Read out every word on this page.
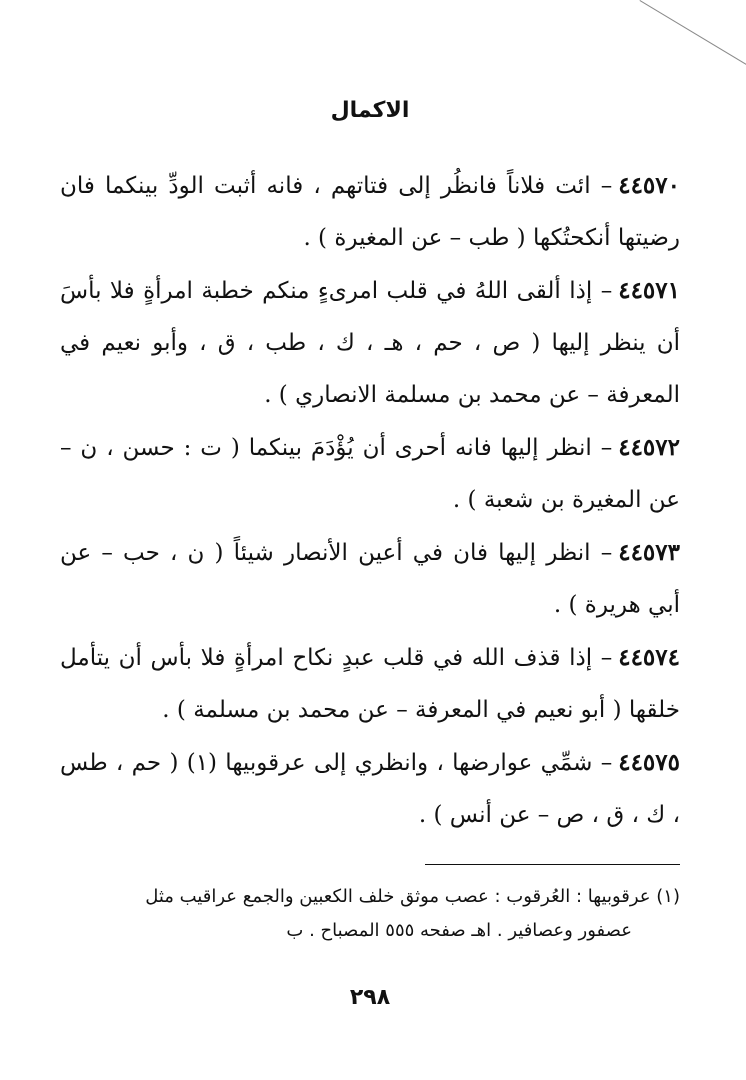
الاكمال

٤٤٥٧٠– ائت فلاناً فانظُر إلى فتاتهم ، فانه أثبت الودِّ بينكما فان رضيتها أنكحتُكها ( طب – عن المغيرة ) .

٤٤٥٧١– إذا ألقى اللهُ في قلب امرىءٍ منكم خطبة امرأةٍ فلا بأسَ أن ينظر إليها ( ص ، حم ، هـ ، ك ، طب ، ق ، وأبو نعيم في المعرفة – عن محمد بن مسلمة الانصاري ) .

٤٤٥٧٢– انظر إليها فانه أحرى أن يُؤْدَمَ بينكما ( ت : حسن ، ن – عن المغيرة بن شعبة ) .

٤٤٥٧٣– انظر إليها فان في أعين الأنصار شيئاً ( ن ، حب – عن أبي هريرة ) .

٤٤٥٧٤– إذا قذف الله في قلب عبدٍ نكاح امرأةٍ فلا بأس أن يتأمل خلقها ( أبو نعيم في المعرفة – عن محمد بن مسلمة ) .

٤٤٥٧٥– شمِّي عوارضها ، وانظري إلى عرقوبيها (١) ( حم ، طس ، ك ، ق ، ص – عن أنس ) .

(١) عرقوبيها : العُرقوب : عصب موثق خلف الكعبين والجمع عراقيب مثل
عصفور وعصافير . اهـ صفحه ٥٥٥ المصباح . ب
٢٩٨
